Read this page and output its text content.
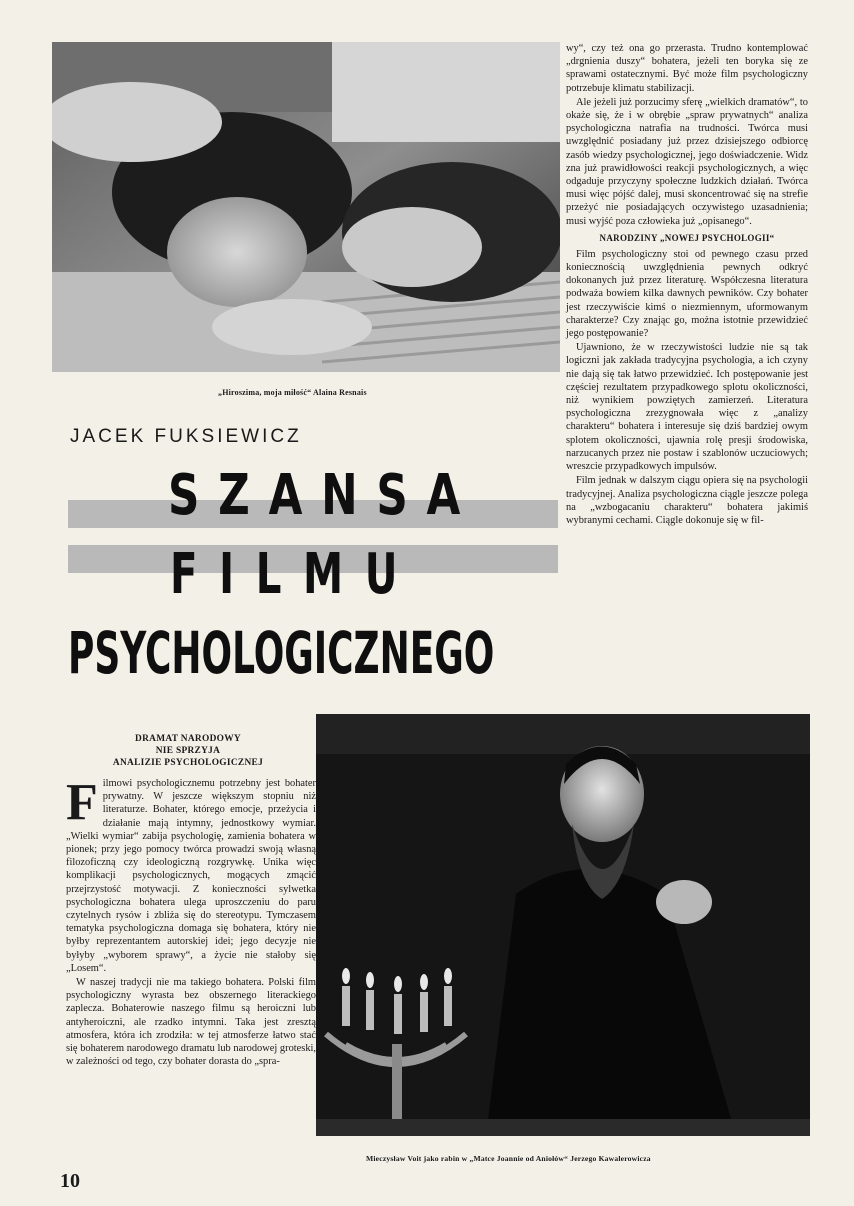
„Hiroszima, moja miłość“ Alaina Resnais
JACEK FUKSIEWICZ
SZANSA
FILMU
PSYCHOLOGICZNEGO
DRAMAT NARODOWY
NIE SPRZYJA
ANALIZIE PSYCHOLOGICZNEJ

Filmowi psychologicznemu potrzebny jest bohater prywatny. W jeszcze większym stopniu niż literaturze. Bohater, którego emocje, przeżycia i działanie mają intymny, jednostkowy wymiar. „Wielki wymiar“ zabija psychologię, zamienia bohatera w pionek; przy jego pomocy twórca prowadzi swoją własną filozoficzną czy ideologiczną rozgrywkę. Unika więc komplikacji psychologicznych, mogących zmącić przejrzystość motywacji. Z konieczności sylwetka psychologiczna bohatera ulega uproszczeniu do paru czytelnych rysów i zbliża się do stereotypu. Tymczasem tematyka psychologiczna domaga się bohatera, który nie byłby reprezentantem autorskiej idei; jego decyzje nie byłyby „wyborem sprawy“, a życie nie stałoby się „Losem“.

W naszej tradycji nie ma takiego bohatera. Polski film psychologiczny wyrasta bez obszernego literackiego zaplecza. Bohaterowie naszego filmu są heroiczni lub antyheroiczni, ale rzadko intymni. Taka jest zresztą atmosfera, która ich zrodziła: w tej atmosferze łatwo stać się bohaterem narodowego dramatu lub narodowej groteski, w zależności od tego, czy bohater dorasta do „spra-

wy“, czy też ona go przerasta. Trudno kontemplować „drgnienia duszy“ bohatera, jeżeli ten boryka się ze sprawami ostatecznymi. Być może film psychologiczny potrzebuje klimatu stabilizacji.

Ale jeżeli już porzucimy sferę „wielkich dramatów“, to okaże się, że i w obrębie „spraw prywatnych“ analiza psychologiczna natrafia na trudności. Twórca musi uwzględnić posiadany już przez dzisiejszego odbiorcę zasób wiedzy psychologicznej, jego doświadczenie. Widz zna już prawidłowości reakcji psychologicznych, a więc odgaduje przyczyny społeczne ludzkich działań. Twórca musi więc pójść dalej, musi skoncentrować się na strefie przeżyć nie posiadających oczywistego uzasadnienia; musi wyjść poza człowieka już „opisanego“.

NARODZINY „NOWEJ PSYCHOLOGII“

Film psychologiczny stoi od pewnego czasu przed koniecznością uwzględnienia pewnych odkryć dokonanych już przez literaturę. Współczesna literatura podważa bowiem kilka dawnych pewników. Czy bohater jest rzeczywiście kimś o niezmiennym, uformowanym charakterze? Czy znając go, można istotnie przewidzieć jego postępowanie?

Ujawniono, że w rzeczywistości ludzie nie są tak logiczni jak zakłada tradycyjna psychologia, a ich czyny nie dają się tak łatwo przewidzieć. Ich postępowanie jest częściej rezultatem przypadkowego splotu okoliczności, niż wynikiem powziętych zamierzeń. Literatura psychologiczna zrezygnowała więc z „analizy charakteru“ bohatera i interesuje się dziś bardziej owym splotem okoliczności, ujawnia rolę presji środowiska, narzucanych przez nie postaw i szablonów uczuciowych; wreszcie przypadkowych impulsów.

Film jednak w dalszym ciągu opiera się na psychologii tradycyjnej. Analiza psychologiczna ciągle jeszcze polega na „wzbogacaniu charakteru“ bohatera jakimiś wybranymi cechami. Ciągle dokonuje się w fil-

Mieczysław Voit jako rabin w „Matce Joannie od Aniołów“ Jerzego Kawalerowicza
10
